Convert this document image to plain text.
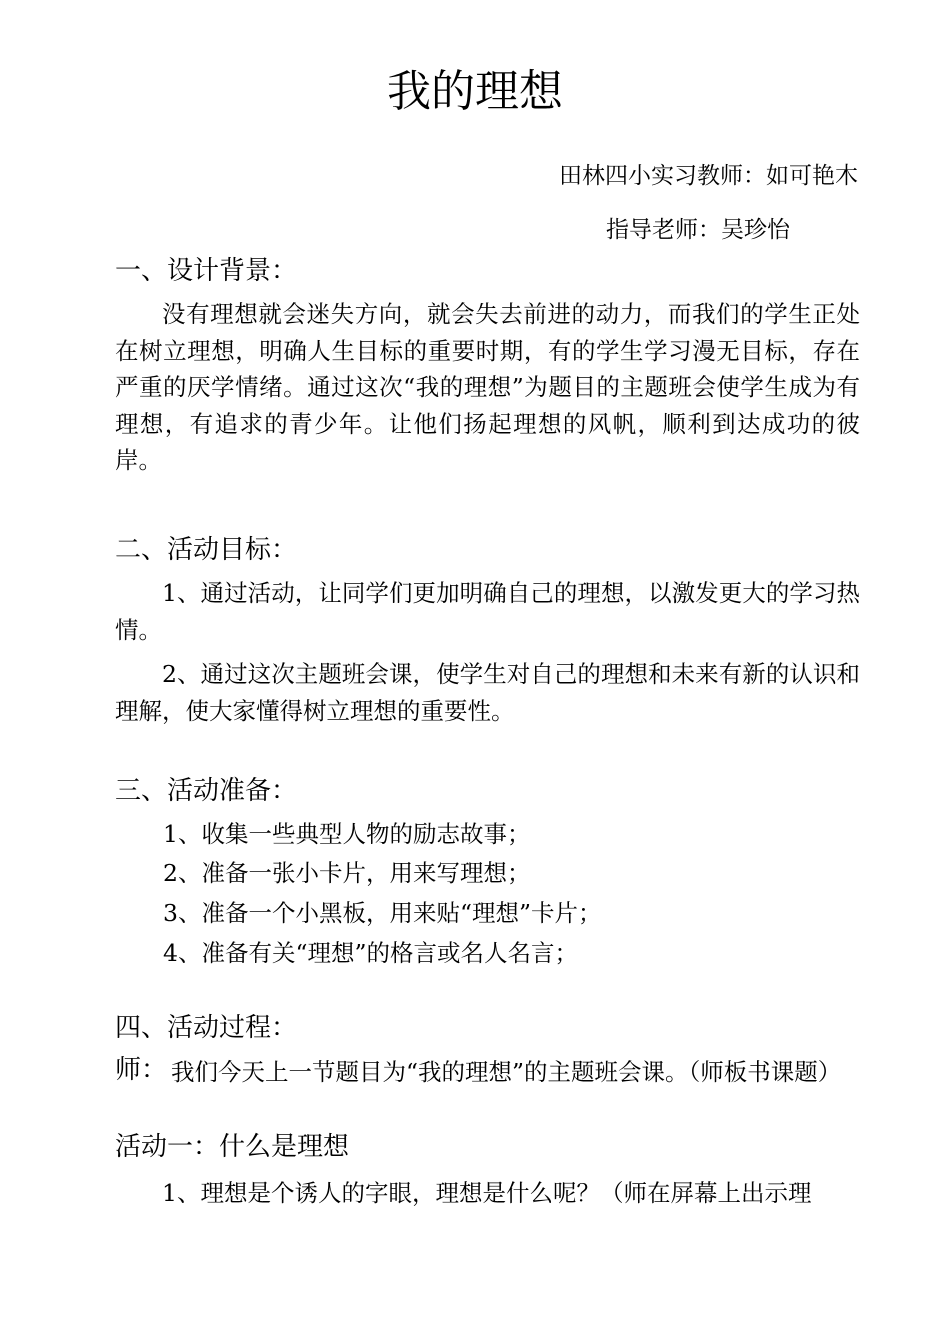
我的理想
田林四小实习教师：如可艳木
指导老师：吴珍怡
一、设计背景：

没有理想就会迷失方向，就会失去前进的动力，而我们的学生正处在树立理想，明确人生目标的重要时期，有的学生学习漫无目标，存在严重的厌学情绪。通过这次“我的理想”为题目的主题班会使学生成为有理想，有追求的青少年。让他们扬起理想的风帆，顺利到达成功的彼岸。

二、活动目标：

1、通过活动，让同学们更加明确自己的理想，以激发更大的学习热情。

2、通过这次主题班会课，使学生对自己的理想和未来有新的认识和理解，使大家懂得树立理想的重要性。

三、活动准备：
1、收集一些典型人物的励志故事；
2、准备一张小卡片，用来写理想；
3、准备一个小黑板，用来贴“理想”卡片；
4、准备有关“理想”的格言或名人名言；
四、活动过程：
师： 我们今天上一节题目为“我的理想”的主题班会课。（师板书课题）

活动一：什么是理想

1、理想是个诱人的字眼，理想是什么呢？（师在屏幕上出示理
